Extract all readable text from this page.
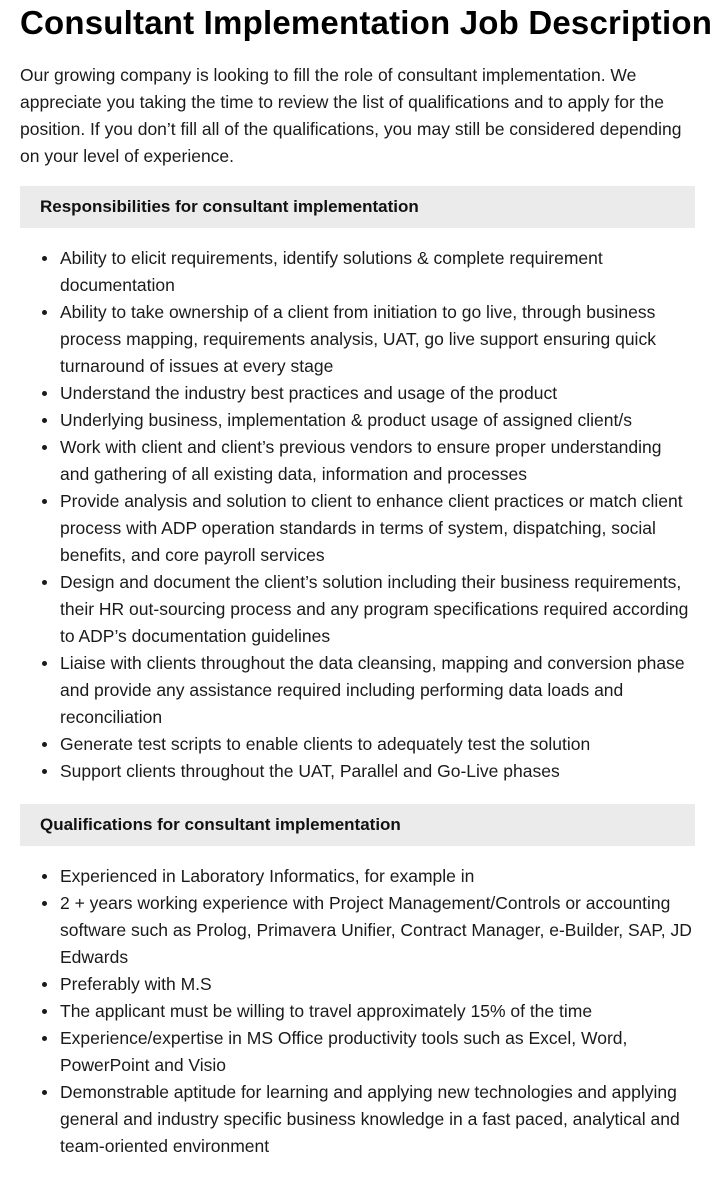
Consultant Implementation Job Description

Our growing company is looking to fill the role of consultant implementation. We appreciate you taking the time to review the list of qualifications and to apply for the position. If you don’t fill all of the qualifications, you may still be considered depending on your level of experience.

Responsibilities for consultant implementation
Ability to elicit requirements, identify solutions & complete requirement documentation
Ability to take ownership of a client from initiation to go live, through business process mapping, requirements analysis, UAT, go live support ensuring quick turnaround of issues at every stage
Understand the industry best practices and usage of the product
Underlying business, implementation & product usage of assigned client/s
Work with client and client’s previous vendors to ensure proper understanding and gathering of all existing data, information and processes
Provide analysis and solution to client to enhance client practices or match client process with ADP operation standards in terms of system, dispatching, social benefits, and core payroll services
Design and document the client’s solution including their business requirements, their HR out-sourcing process and any program specifications required according to ADP’s documentation guidelines
Liaise with clients throughout the data cleansing, mapping and conversion phase and provide any assistance required including performing data loads and reconciliation
Generate test scripts to enable clients to adequately test the solution
Support clients throughout the UAT, Parallel and Go-Live phases
Qualifications for consultant implementation
Experienced in Laboratory Informatics, for example in
2 + years working experience with Project Management/Controls or accounting software such as Prolog, Primavera Unifier, Contract Manager, e-Builder, SAP, JD Edwards
Preferably with M.S
The applicant must be willing to travel approximately 15% of the time
Experience/expertise in MS Office productivity tools such as Excel, Word, PowerPoint and Visio
Demonstrable aptitude for learning and applying new technologies and applying general and industry specific business knowledge in a fast paced, analytical and team-oriented environment
